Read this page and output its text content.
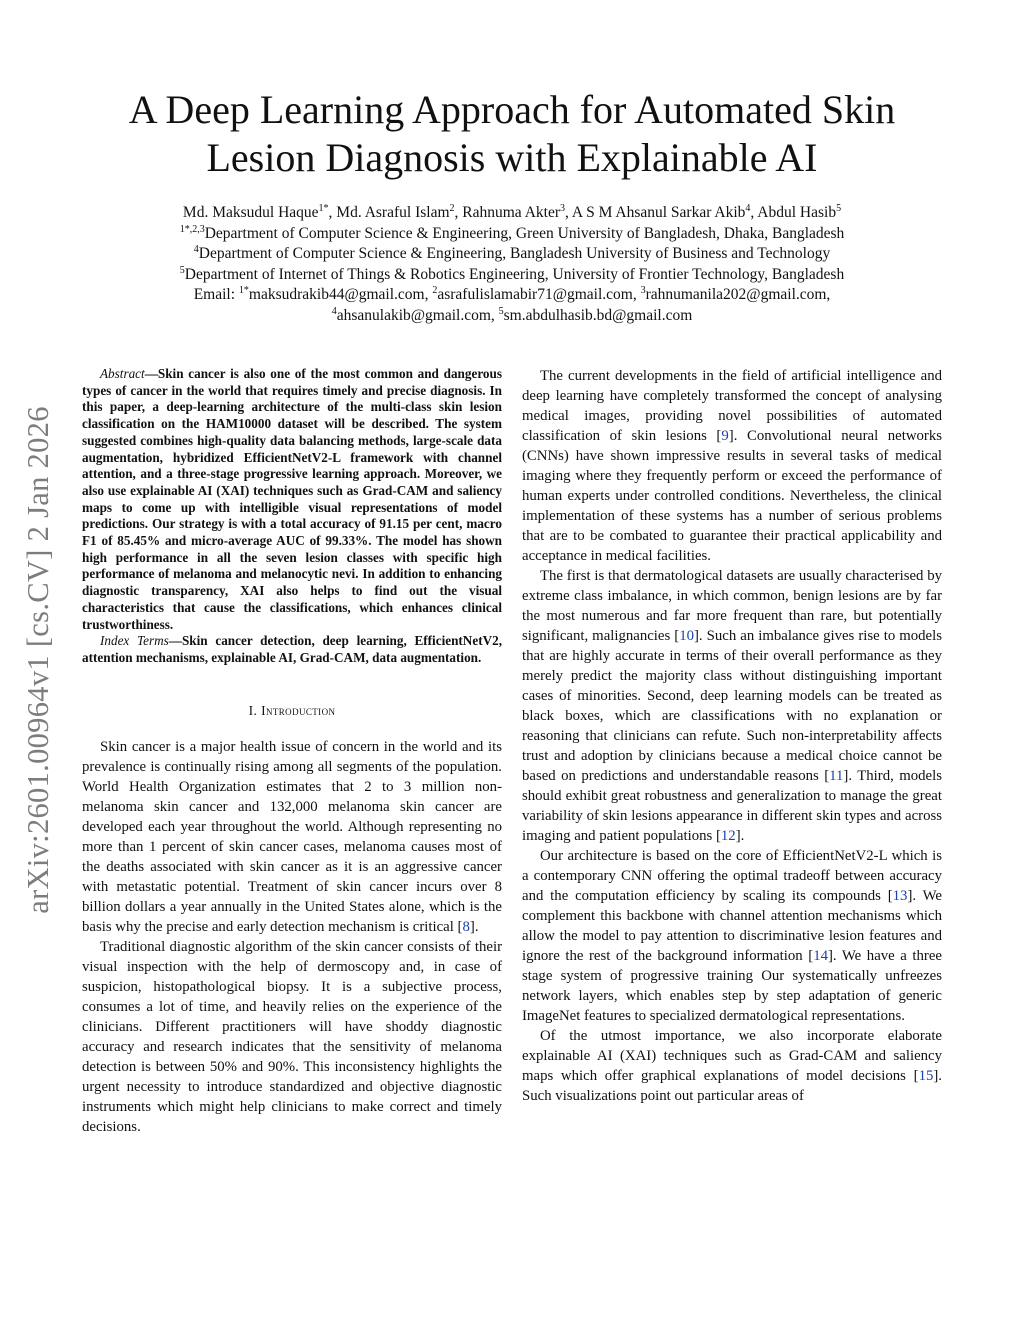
arXiv:2601.00964v1 [cs.CV] 2 Jan 2026
A Deep Learning Approach for Automated Skin Lesion Diagnosis with Explainable AI
Md. Maksudul Haque$^{1*}$, Md. Asraful Islam$^2$, Rahnuma Akter$^3$, A S M Ahsanul Sarkar Akib$^4$, Abdul Hasib$^5$
$^{1*,2,3}$Department of Computer Science & Engineering, Green University of Bangladesh, Dhaka, Bangladesh
$^4$Department of Computer Science & Engineering, Bangladesh University of Business and Technology
$^5$Department of Internet of Things & Robotics Engineering, University of Frontier Technology, Bangladesh
Email: $^{1*}$maksudrakib44@gmail.com, $^2$asrafulislamabir71@gmail.com, $^3$rahnumanila202@gmail.com,
$^4$ahsanulakib@gmail.com, $^5$sm.abdulhasib.bd@gmail.com

Abstract—Skin cancer is also one of the most common and dangerous types of cancer in the world that requires timely and precise diagnosis. In this paper, a deep-learning architecture of the multi-class skin lesion classification on the HAM10000 dataset will be described. The system suggested combines high-quality data balancing methods, large-scale data augmentation, hybridized EfficientNetV2-L framework with channel attention, and a three-stage progressive learning approach. Moreover, we also use explainable AI (XAI) techniques such as Grad-CAM and saliency maps to come up with intelligible visual representations of model predictions. Our strategy is with a total accuracy of 91.15 per cent, macro F1 of 85.45% and micro-average AUC of 99.33%. The model has shown high performance in all the seven lesion classes with specific high performance of melanoma and melanocytic nevi. In addition to enhancing diagnostic transparency, XAI also helps to find out the visual characteristics that cause the classifications, which enhances clinical trustworthiness.

Index Terms—Skin cancer detection, deep learning, EfficientNetV2, attention mechanisms, explainable AI, Grad-CAM, data augmentation.

I. Introduction

Skin cancer is a major health issue of concern in the world and its prevalence is continually rising among all segments of the population. World Health Organization estimates that 2 to 3 million non-melanoma skin cancer and 132,000 melanoma skin cancer are developed each year throughout the world. Although representing no more than 1 percent of skin cancer cases, melanoma causes most of the deaths associated with skin cancer as it is an aggressive cancer with metastatic potential. Treatment of skin cancer incurs over 8 billion dollars a year annually in the United States alone, which is the basis why the precise and early detection mechanism is critical [8].

Traditional diagnostic algorithm of the skin cancer consists of their visual inspection with the help of dermoscopy and, in case of suspicion, histopathological biopsy. It is a subjective process, consumes a lot of time, and heavily relies on the experience of the clinicians. Different practitioners will have shoddy diagnostic accuracy and research indicates that the sensitivity of melanoma detection is between 50% and 90%. This inconsistency highlights the urgent necessity to introduce standardized and objective diagnostic instruments which might help clinicians to make correct and timely decisions.

The current developments in the field of artificial intelligence and deep learning have completely transformed the concept of analysing medical images, providing novel possibilities of automated classification of skin lesions [9]. Convolutional neural networks (CNNs) have shown impressive results in several tasks of medical imaging where they frequently perform or exceed the performance of human experts under controlled conditions. Nevertheless, the clinical implementation of these systems has a number of serious problems that are to be combated to guarantee their practical applicability and acceptance in medical facilities.

The first is that dermatological datasets are usually characterised by extreme class imbalance, in which common, benign lesions are by far the most numerous and far more frequent than rare, but potentially significant, malignancies [10]. Such an imbalance gives rise to models that are highly accurate in terms of their overall performance as they merely predict the majority class without distinguishing important cases of minorities. Second, deep learning models can be treated as black boxes, which are classifications with no explanation or reasoning that clinicians can refute. Such non-interpretability affects trust and adoption by clinicians because a medical choice cannot be based on predictions and understandable reasons [11]. Third, models should exhibit great robustness and generalization to manage the great variability of skin lesions appearance in different skin types and across imaging and patient populations [12].

Our architecture is based on the core of EfficientNetV2-L which is a contemporary CNN offering the optimal tradeoff between accuracy and the computation efficiency by scaling its compounds [13]. We complement this backbone with channel attention mechanisms which allow the model to pay attention to discriminative lesion features and ignore the rest of the background information [14]. We have a three stage system of progressive training Our systematically unfreezes network layers, which enables step by step adaptation of generic ImageNet features to specialized dermatological representations.

Of the utmost importance, we also incorporate elaborate explainable AI (XAI) techniques such as Grad-CAM and saliency maps which offer graphical explanations of model decisions [15]. Such visualizations point out particular areas of
